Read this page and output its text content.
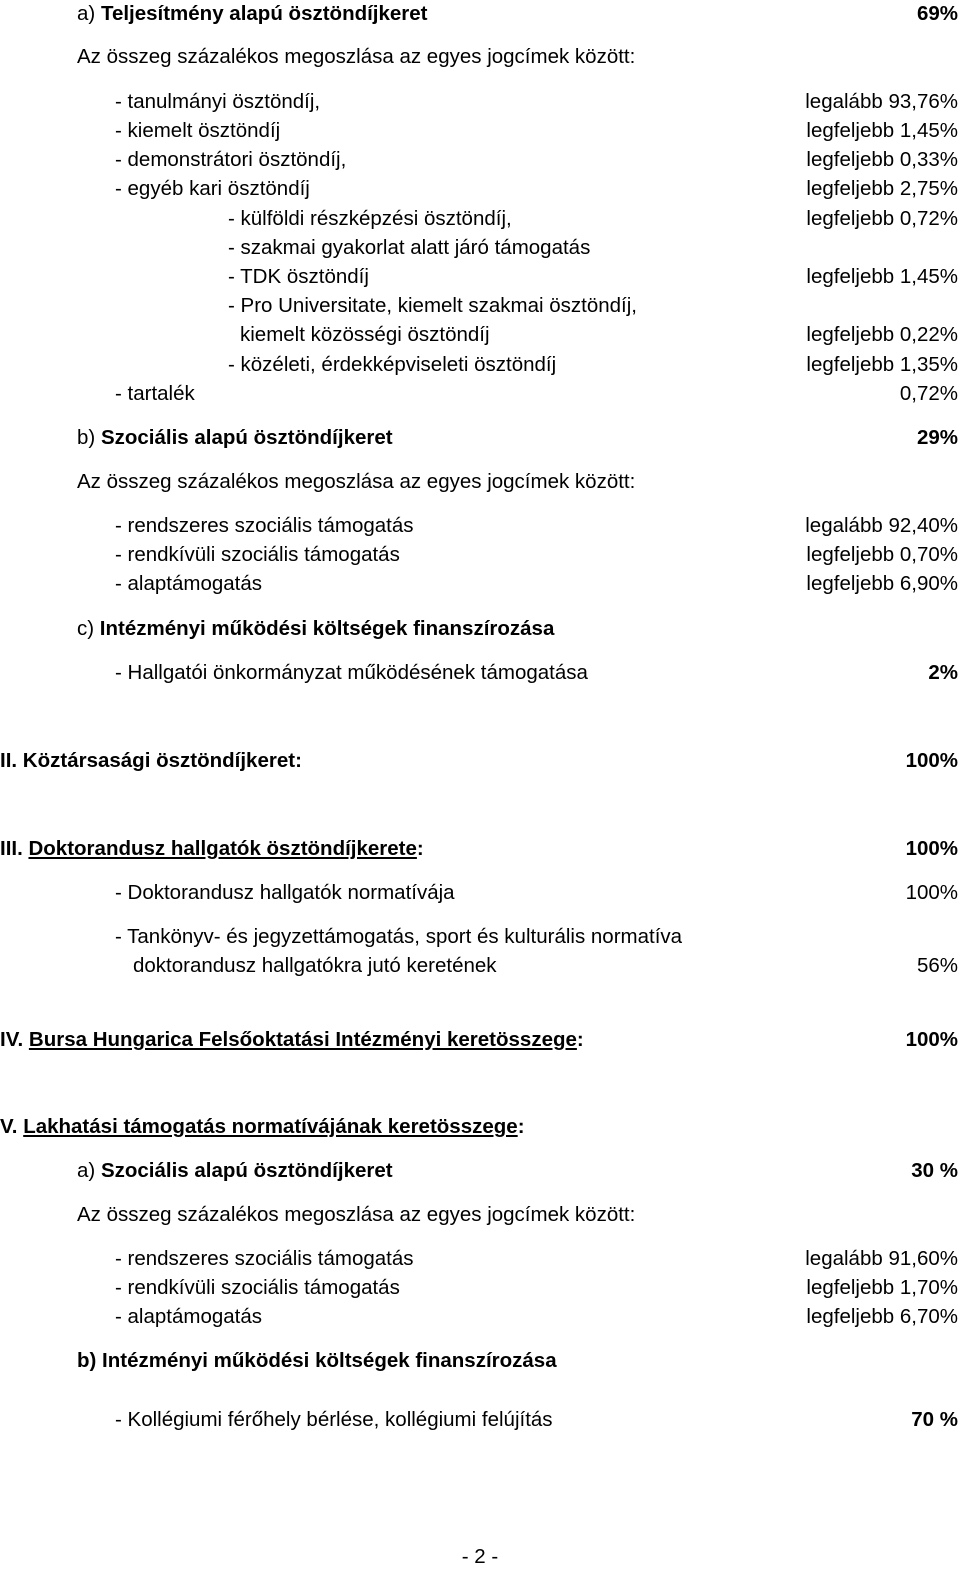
a) Teljesítmény alapú ösztöndíjkeret	69%
Az összeg százalékos megoszlása az egyes jogcímek között:
- tanulmányi ösztöndíj,	legalább 93,76%
- kiemelt ösztöndíj	legfeljebb 1,45%
- demonstrátori ösztöndíj,	legfeljebb 0,33%
- egyéb kari ösztöndíj	legfeljebb 2,75%
- külföldi részképzési ösztöndíj,	legfeljebb 0,72%
- szakmai gyakorlat alatt járó támogatás
- TDK ösztöndíj	legfeljebb 1,45%
- Pro Universitate, kiemelt szakmai ösztöndíj,
kiemelt közösségi ösztöndíj	legfeljebb 0,22%
- közéleti, érdekképviseleti ösztöndíj	legfeljebb 1,35%
- tartalék	0,72%
b) Szociális alapú ösztöndíjkeret	29%
Az összeg százalékos megoszlása az egyes jogcímek között:
- rendszeres szociális támogatás	legalább 92,40%
- rendkívüli szociális támogatás	legfeljebb 0,70%
- alaptámogatás	legfeljebb 6,90%
c) Intézményi működési költségek finanszírozása
- Hallgatói önkormányzat működésének támogatása	2%
II. Köztársasági ösztöndíjkeret:	100%
III. Doktorandusz hallgatók ösztöndíjkerete:	100%
- Doktorandusz hallgatók normatívája	100%
- Tankönyv- és jegyzettámogatás, sport és kulturális normatíva
doktorandusz hallgatókra jutó keretének	56%
IV. Bursa Hungarica Felsőoktatási Intézményi keretösszege:	100%
V. Lakhatási támogatás normatívájának keretösszege:
a) Szociális alapú ösztöndíjkeret	30 %
Az összeg százalékos megoszlása az egyes jogcímek között:
- rendszeres szociális támogatás	legalább 91,60%
- rendkívüli szociális támogatás	legfeljebb 1,70%
- alaptámogatás	legfeljebb 6,70%
b) Intézményi működési költségek finanszírozása
- Kollégiumi férőhely bérlése, kollégiumi felújítás	70 %
- 2 -
